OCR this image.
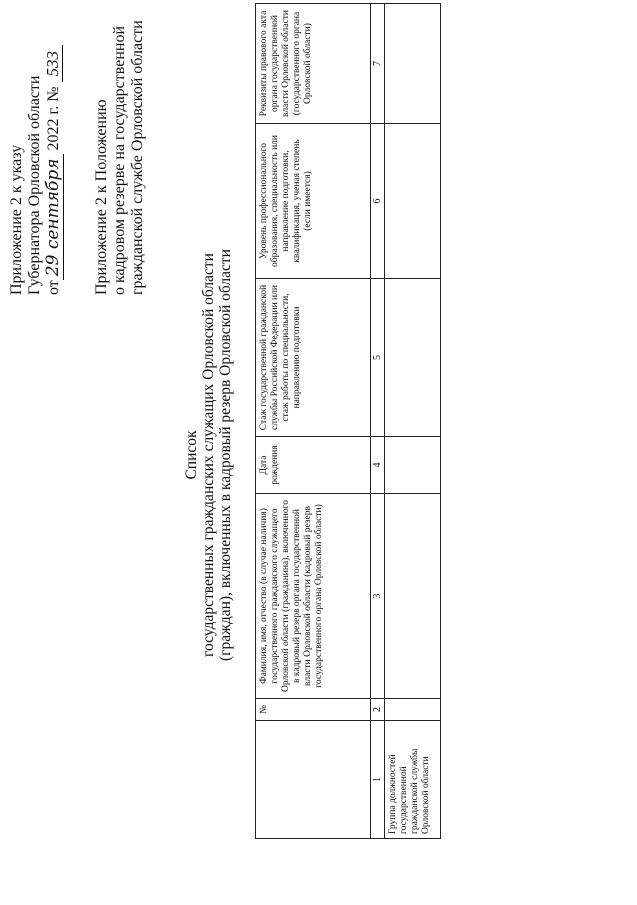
Приложение 2 к указу Губернатора Орловской области от29 сентября 2022 г. № 533
Приложение 2 к Положению о кадровом резерве на государственной гражданской службе Орловской области
Список государственных гражданских служащих Орловской области (граждан), включенных в кадровый резерв Орловской области
	№	Фамилия, имя, отчество (в случае наличия) государственного гражданского служащего Орловской области (гражданина), включенного в кадровый резерв органа государственной власти Орловской области (кадровый резерв государственного органа Орловской области)	Дата рождения	Стаж государственной гражданской службы Российской Федерации или стаж работы по специальности, направлению подготовки	Уровень профессионального образования, специальность или направление подготовки, квалификация, ученая степень (если имеется)	Реквизиты правового акта органа государственной власти Орловской области (государственного органа Орловской области)
1	2	3	4	5	6	7
Группа должностей государственной гражданской службы Орловской области						
